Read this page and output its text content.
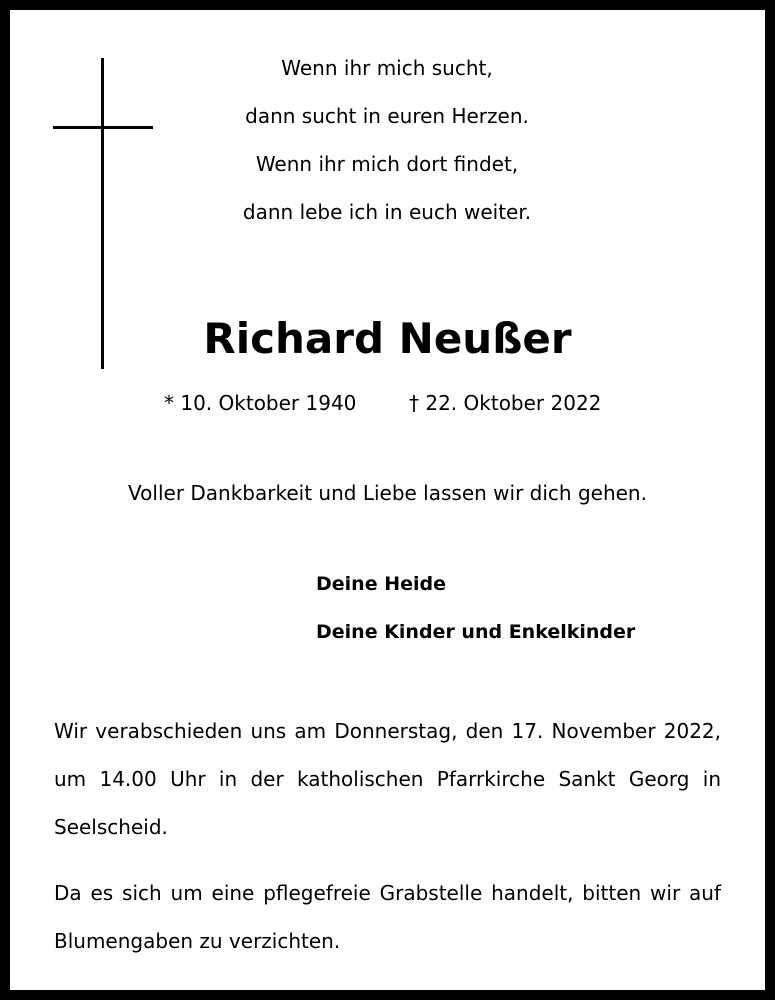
Wenn ihr mich sucht,

dann sucht in euren Herzen.

Wenn ihr mich dort findet,

dann lebe ich in euch weiter.

Richard Neußer
* 10. Oktober 1940	† 22. Oktober 2022
Voller Dankbarkeit und Liebe lassen wir dich gehen.
Deine Heide
Deine Kinder und Enkelkinder
Wir verabschieden uns am Donnerstag, den 17. November 2022,
um 14.00 Uhr in der katholischen Pfarrkirche Sankt Georg in
Seelscheid.
Da es sich um eine pflegefreie Grabstelle handelt, bitten wir auf
Blumengaben zu verzichten.
